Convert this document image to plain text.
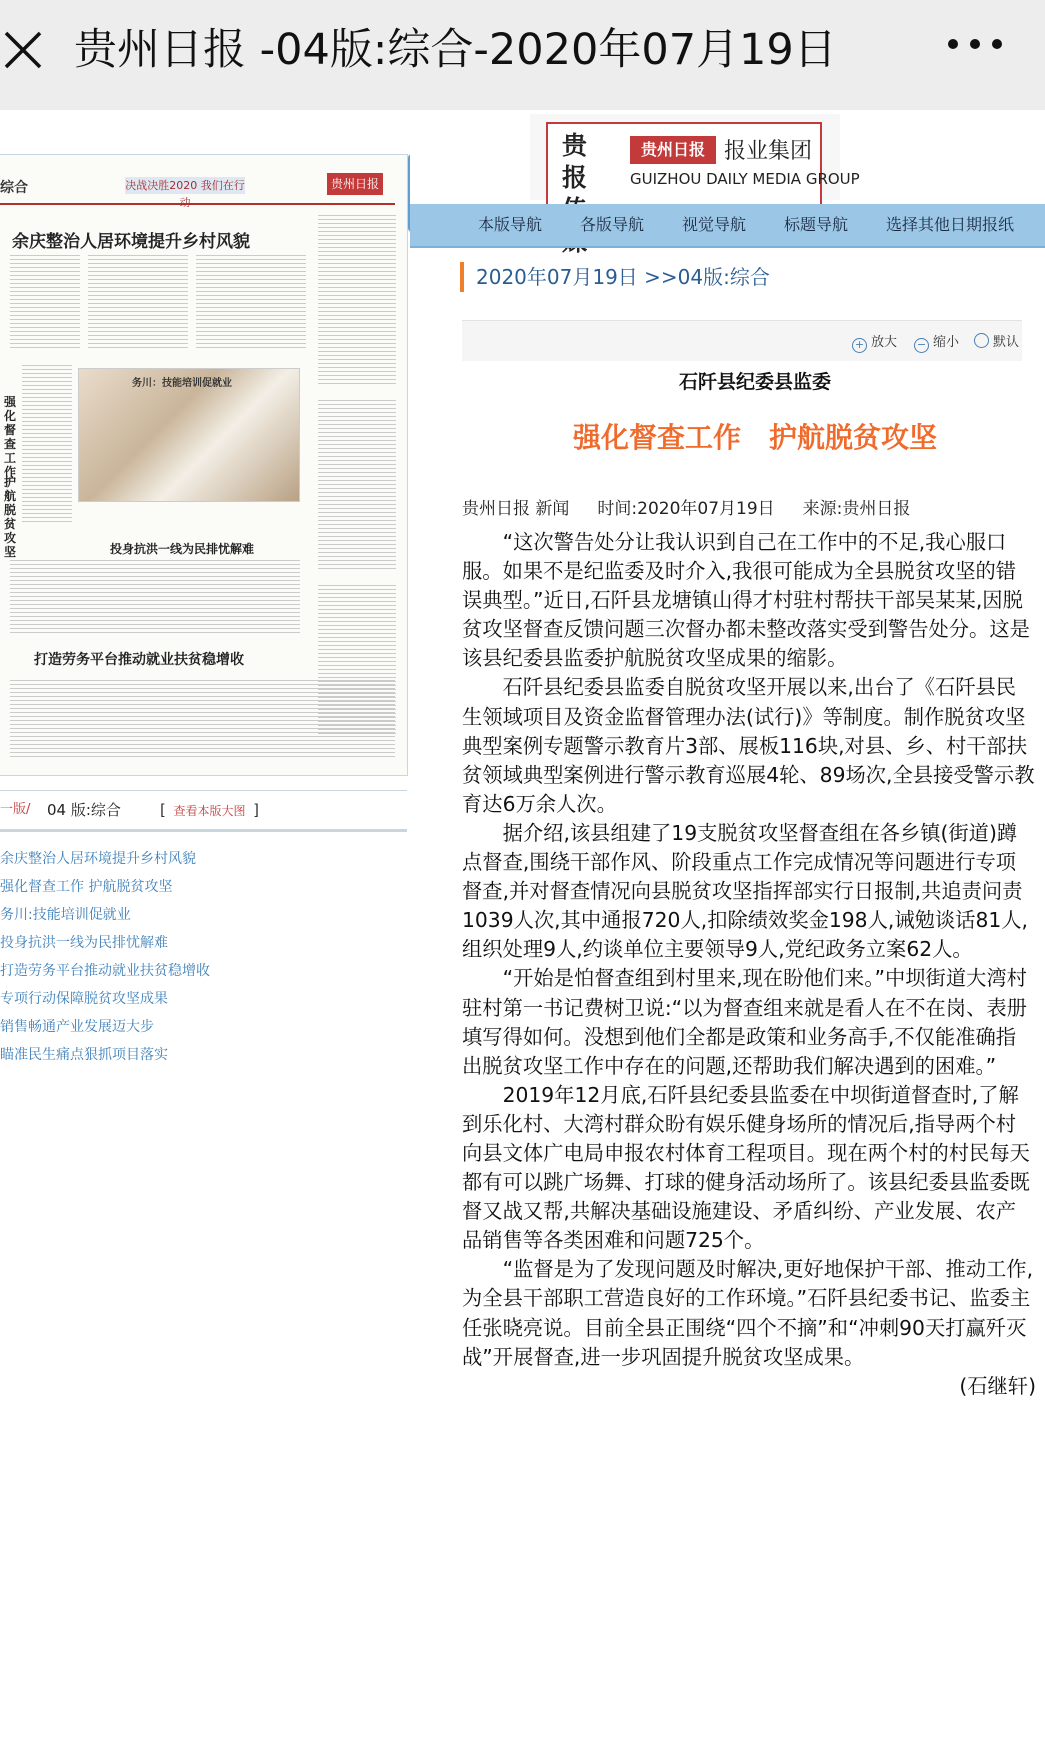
贵州日报 -04版:综合-2020年07月19日
综合	决战决胜2020 我们在行动
贵州日报
余庆整治人居环境提升乡村风貌
强化督查工作
护航脱贫攻坚
务川：技能培训促就业
投身抗洪一线为民排忧解难
打造劳务平台推动就业扶贫稳增收
一版/ 04 版:综合	[ 查看本版大图 ]
余庆整治人居环境提升乡村风貌
强化督查工作 护航脱贫攻坚
务川:技能培训促就业
投身抗洪一线为民排忧解难
打造劳务平台推动就业扶贫稳增收
专项行动保障脱贫攻坚成果
销售畅通产业发展迈大步
瞄准民生痛点狠抓项目落实
贵报
贵州日报 报业集团
GUIZHOU DAILY MEDIA GROUP
本版导航 各版导航 视觉导航 标题导航 选择其他日期报纸
2020年07月19日 >>04版:综合
+ 放大 − 缩小	默认
石阡县纪委县监委
强化督查工作　护航脱贫攻坚
贵州日报 新闻 时间:2020年07月19日 来源:贵州日报

“这次警告处分让我认识到自己在工作中的不足,我心服口服。如果不是纪监委及时介入,我很可能成为全县脱贫攻坚的错误典型。”近日,石阡县龙塘镇山得才村驻村帮扶干部吴某某,因脱贫攻坚督查反馈问题三次督办都未整改落实受到警告处分。这是该县纪委县监委护航脱贫攻坚成果的缩影。

石阡县纪委县监委自脱贫攻坚开展以来,出台了《石阡县民生领域项目及资金监督管理办法(试行)》等制度。制作脱贫攻坚典型案例专题警示教育片3部、展板116块,对县、乡、村干部扶贫领域典型案例进行警示教育巡展4轮、89场次,全县接受警示教育达6万余人次。

据介绍,该县组建了19支脱贫攻坚督查组在各乡镇(街道)蹲点督查,围绕干部作风、阶段重点工作完成情况等问题进行专项督查,并对督查情况向县脱贫攻坚指挥部实行日报制,共追责问责1039人次,其中通报720人,扣除绩效奖金198人,诫勉谈话81人,组织处理9人,约谈单位主要领导9人,党纪政务立案62人。

“开始是怕督查组到村里来,现在盼他们来。”中坝街道大湾村驻村第一书记费树卫说:“以为督查组来就是看人在不在岗、表册填写得如何。没想到他们全都是政策和业务高手,不仅能准确指出脱贫攻坚工作中存在的问题,还帮助我们解决遇到的困难。”

2019年12月底,石阡县纪委县监委在中坝街道督查时,了解到乐化村、大湾村群众盼有娱乐健身场所的情况后,指导两个村向县文体广电局申报农村体育工程项目。现在两个村的村民每天都有可以跳广场舞、打球的健身活动场所了。该县纪委县监委既督又战又帮,共解决基础设施建设、矛盾纠纷、产业发展、农产品销售等各类困难和问题725个。

“监督是为了发现问题及时解决,更好地保护干部、推动工作,为全县干部职工营造良好的工作环境。”石阡县纪委书记、监委主任张晓亮说。目前全县正围绕“四个不摘”和“冲刺90天打赢歼灭战”开展督查,进一步巩固提升脱贫攻坚成果。

(石继轩)
